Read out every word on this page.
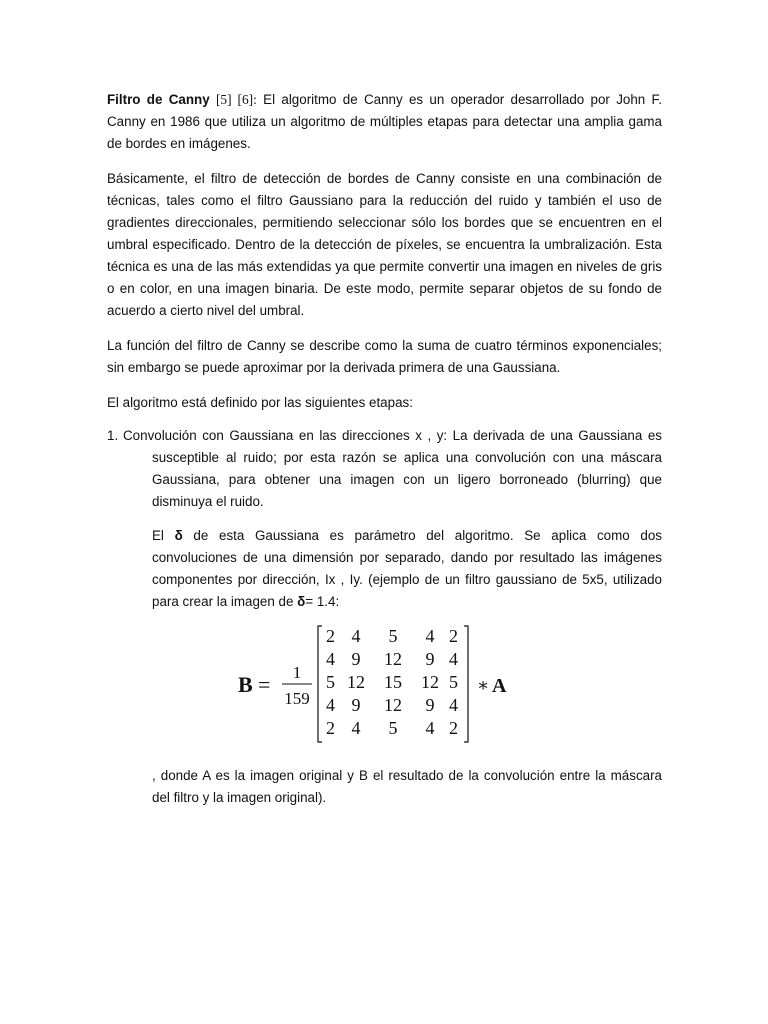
Filtro de Canny [5] [6]: El algoritmo de Canny es un operador desarrollado por John F. Canny en 1986 que utiliza un algoritmo de múltiples etapas para detectar una amplia gama de bordes en imágenes.

Básicamente, el filtro de detección de bordes de Canny consiste en una combinación de técnicas, tales como el filtro Gaussiano para la reducción del ruido y también el uso de gradientes direccionales, permitiendo seleccionar sólo los bordes que se encuentren en el umbral especificado. Dentro de la detección de píxeles, se encuentra la umbralización. Esta técnica es una de las más extendidas ya que permite convertir una imagen en niveles de gris o en color, en una imagen binaria. De este modo, permite separar objetos de su fondo de acuerdo a cierto nivel del umbral.

La función del filtro de Canny se describe como la suma de cuatro términos exponenciales; sin embargo se puede aproximar por la derivada primera de una Gaussiana.

El algoritmo está definido por las siguientes etapas:

1. Convolución con Gaussiana en las direcciones x , y: La derivada de una Gaussiana es susceptible al ruido; por esta razón se aplica una convolución con una máscara Gaussiana, para obtener una imagen con un ligero borroneado (blurring) que disminuya el ruido.

El δ de esta Gaussiana es parámetro del algoritmo. Se aplica como dos convoluciones de una dimensión por separado, dando por resultado las imágenes componentes por dirección, Ix , Iy. (ejemplo de un filtro gaussiano de 5x5, utilizado para crear la imagen de δ= 1.4:

B = 1
159
2 4 5 4 2
4 9 12 9 4
5 12 15 12 5
4 9 12 9 4
2 4 5 4 2
∗ A

, donde A es la imagen original y B el resultado de la convolución entre la máscara del filtro y la imagen original).
